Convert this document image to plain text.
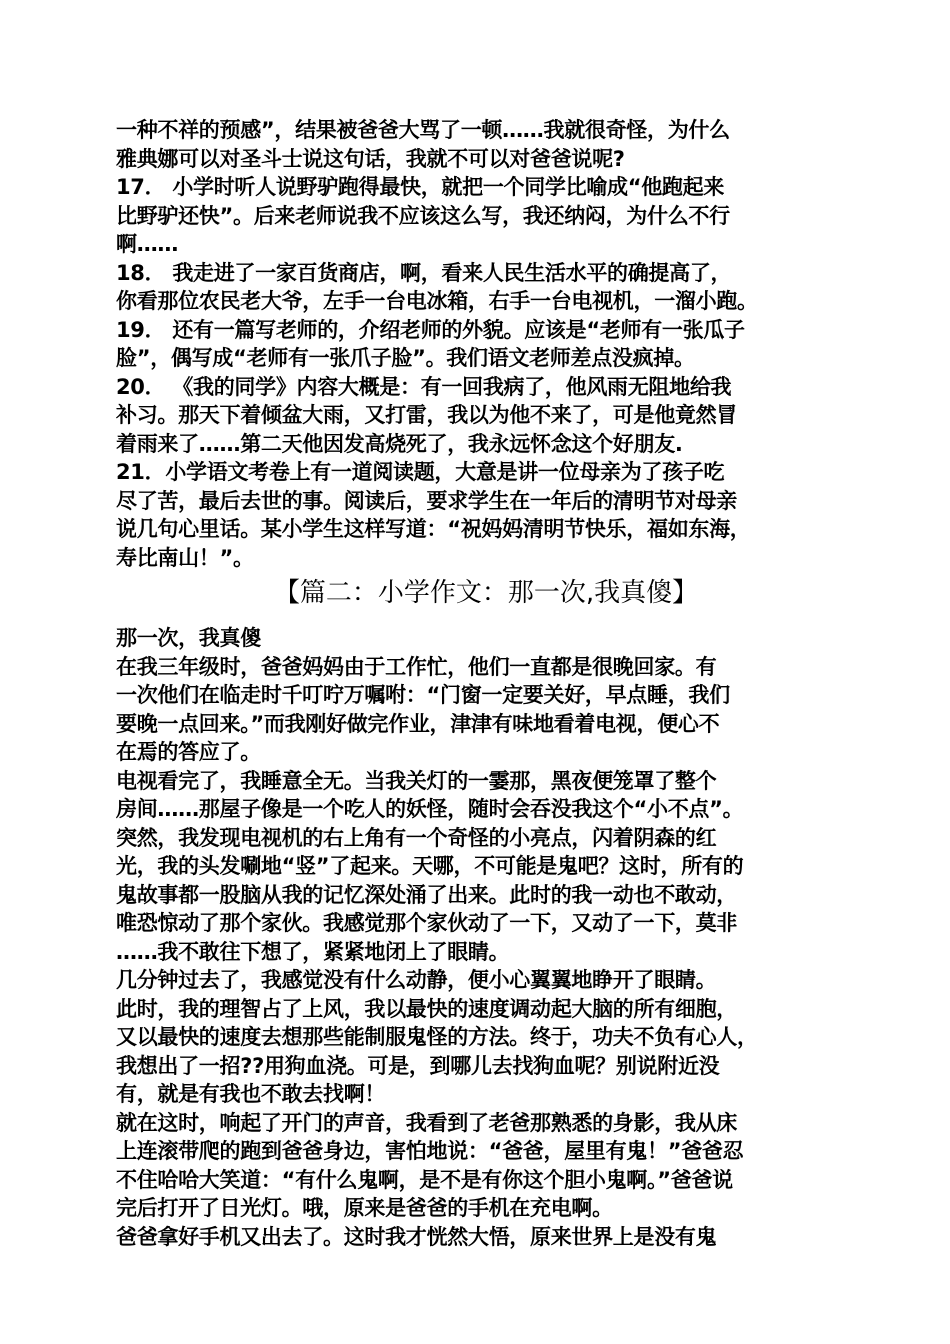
一种不祥的预感”，结果被爸爸大骂了一顿……我就很奇怪，为什么
雅典娜可以对圣斗士说这句话，我就不可以对爸爸说呢?
17． 小学时听人说野驴跑得最快，就把一个同学比喻成“他跑起来
比野驴还快”。后来老师说我不应该这么写，我还纳闷，为什么不行
啊……
18． 我走进了一家百货商店，啊，看来人民生活水平的确提高了，
你看那位农民老大爷，左手一台电冰箱，右手一台电视机，一溜小跑。
19． 还有一篇写老师的，介绍老师的外貌。应该是“老师有一张瓜子
脸”，偶写成“老师有一张爪子脸”。我们语文老师差点没疯掉。
20． 《我的同学》内容大概是：有一回我病了，他风雨无阻地给我
补习。那天下着倾盆大雨，又打雷，我以为他不来了，可是他竟然冒
着雨来了……第二天他因发高烧死了，我永远怀念这个好朋友.
21．小学语文考卷上有一道阅读题，大意是讲一位母亲为了孩子吃
尽了苦，最后去世的事。阅读后，要求学生在一年后的清明节对母亲
说几句心里话。某小学生这样写道：“祝妈妈清明节快乐，福如东海，
寿比南山！”。
【篇二：小学作文：那一次,我真傻】
那一次，我真傻
在我三年级时，爸爸妈妈由于工作忙，他们一直都是很晚回家。有
一次他们在临走时千叮咛万嘱咐：“门窗一定要关好，早点睡，我们
要晚一点回来。”而我刚好做完作业，津津有味地看着电视，便心不
在焉的答应了。
电视看完了，我睡意全无。当我关灯的一霎那，黑夜便笼罩了整个
房间……那屋子像是一个吃人的妖怪，随时会吞没我这个“小不点”。
突然，我发现电视机的右上角有一个奇怪的小亮点，闪着阴森的红
光，我的头发唰地“竖”了起来。天哪，不可能是鬼吧？这时，所有的
鬼故事都一股脑从我的记忆深处涌了出来。此时的我一动也不敢动，
唯恐惊动了那个家伙。我感觉那个家伙动了一下，又动了一下，莫非
……我不敢往下想了，紧紧地闭上了眼睛。
几分钟过去了，我感觉没有什么动静，便小心翼翼地睁开了眼睛。
此时，我的理智占了上风，我以最快的速度调动起大脑的所有细胞，
又以最快的速度去想那些能制服鬼怪的方法。终于，功夫不负有心人，
我想出了一招??用狗血浇。可是，到哪儿去找狗血呢？别说附近没
有，就是有我也不敢去找啊！
就在这时，响起了开门的声音，我看到了老爸那熟悉的身影，我从床
上连滚带爬的跑到爸爸身边，害怕地说：“爸爸，屋里有鬼！”爸爸忍
不住哈哈大笑道：“有什么鬼啊，是不是有你这个胆小鬼啊。”爸爸说
完后打开了日光灯。哦，原来是爸爸的手机在充电啊。
爸爸拿好手机又出去了。这时我才恍然大悟，原来世界上是没有鬼
